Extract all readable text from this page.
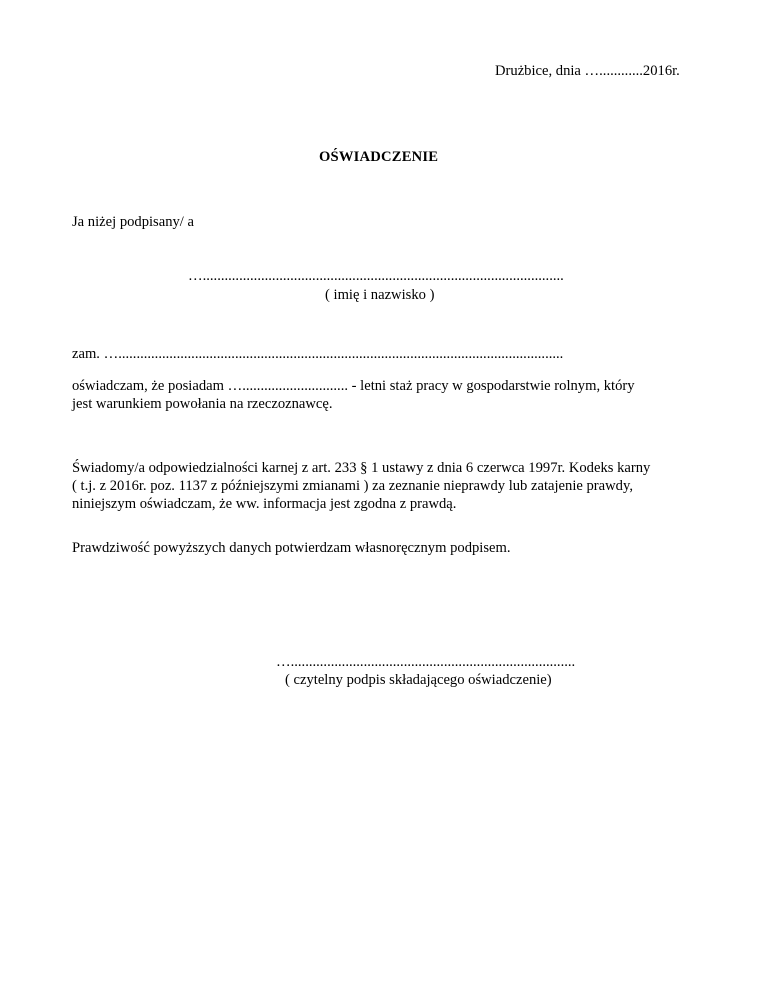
Drużbice, dnia …............2016r.
OŚWIADCZENIE
Ja niżej podpisany/ a
…...................................................................................................
( imię i nazwisko )
zam. …..........................................................................................................................
oświadczam, że posiadam …............................. - letni staż pracy w gospodarstwie rolnym, który
jest warunkiem powołania na rzeczoznawcę.
Świadomy/a odpowiedzialności karnej z art. 233 § 1 ustawy z dnia 6 czerwca 1997r. Kodeks karny
( t.j. z 2016r. poz. 1137 z późniejszymi zmianami ) za zeznanie nieprawdy lub zatajenie prawdy,
niniejszym oświadczam, że ww. informacja jest zgodna z prawdą.
Prawdziwość powyższych danych potwierdzam własnoręcznym podpisem.
…..............................................................................
( czytelny podpis składającego oświadczenie)
